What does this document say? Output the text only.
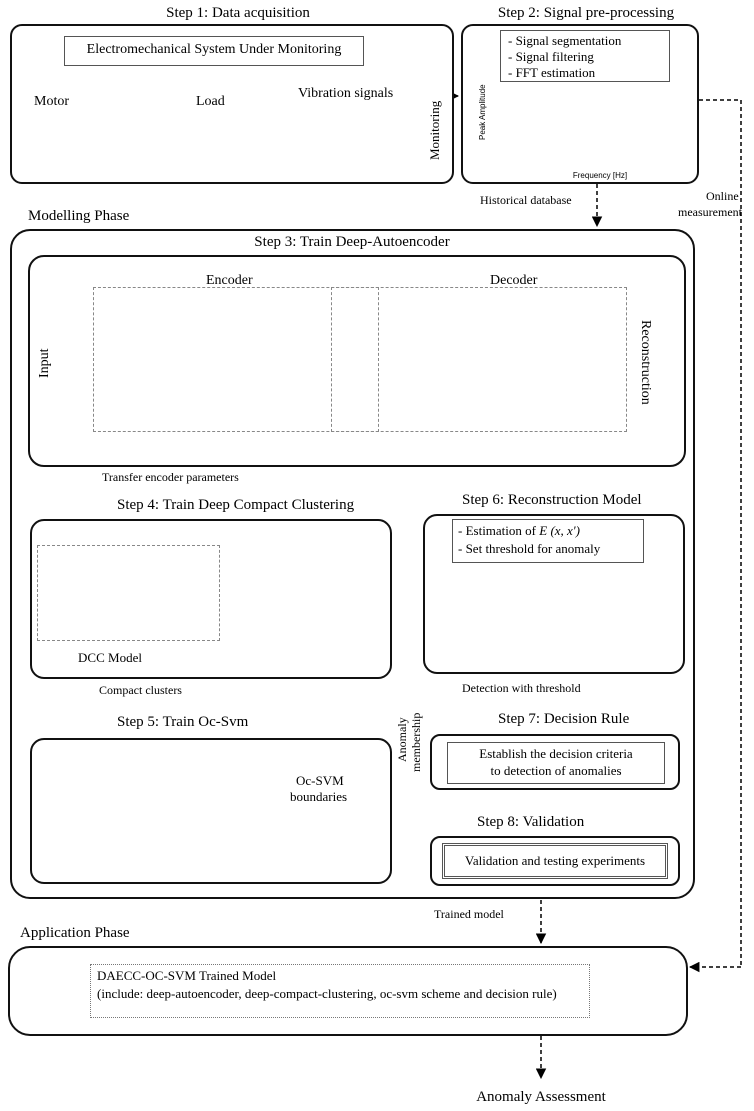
Step 1: Data acquisition
Electromechanical System Under Monitoring
Motor	Load
Vibration signals
Monitoring
Step 2: Signal pre-processing
- Signal segmentation
- Signal filtering
- FFT estimation
Peak Amplitude
Frequency [Hz]
Historical database	Online
measurement
Modelling Phase
Step 3: Train Deep-Autoencoder
Encoder	Decoder
Input	Reconstruction
Transfer encoder parameters
Step 4: Train Deep Compact Clustering
DCC Model
Compact clusters
Step 5: Train Oc-Svm
Oc-SVM
boundaries
Anomaly membership
Step 6: Reconstruction Model
- Estimation of E (x, x')
- Set threshold for anomaly
Detection with threshold
Step 7: Decision Rule
Establish the decision criteria
to detection of anomalies
Step 8: Validation
Validation and testing experiments
Trained model
Application Phase
DAECC-OC-SVM Trained Model
(include: deep-autoencoder, deep-compact-clustering, oc-svm scheme and decision rule)
Anomaly Assessment
